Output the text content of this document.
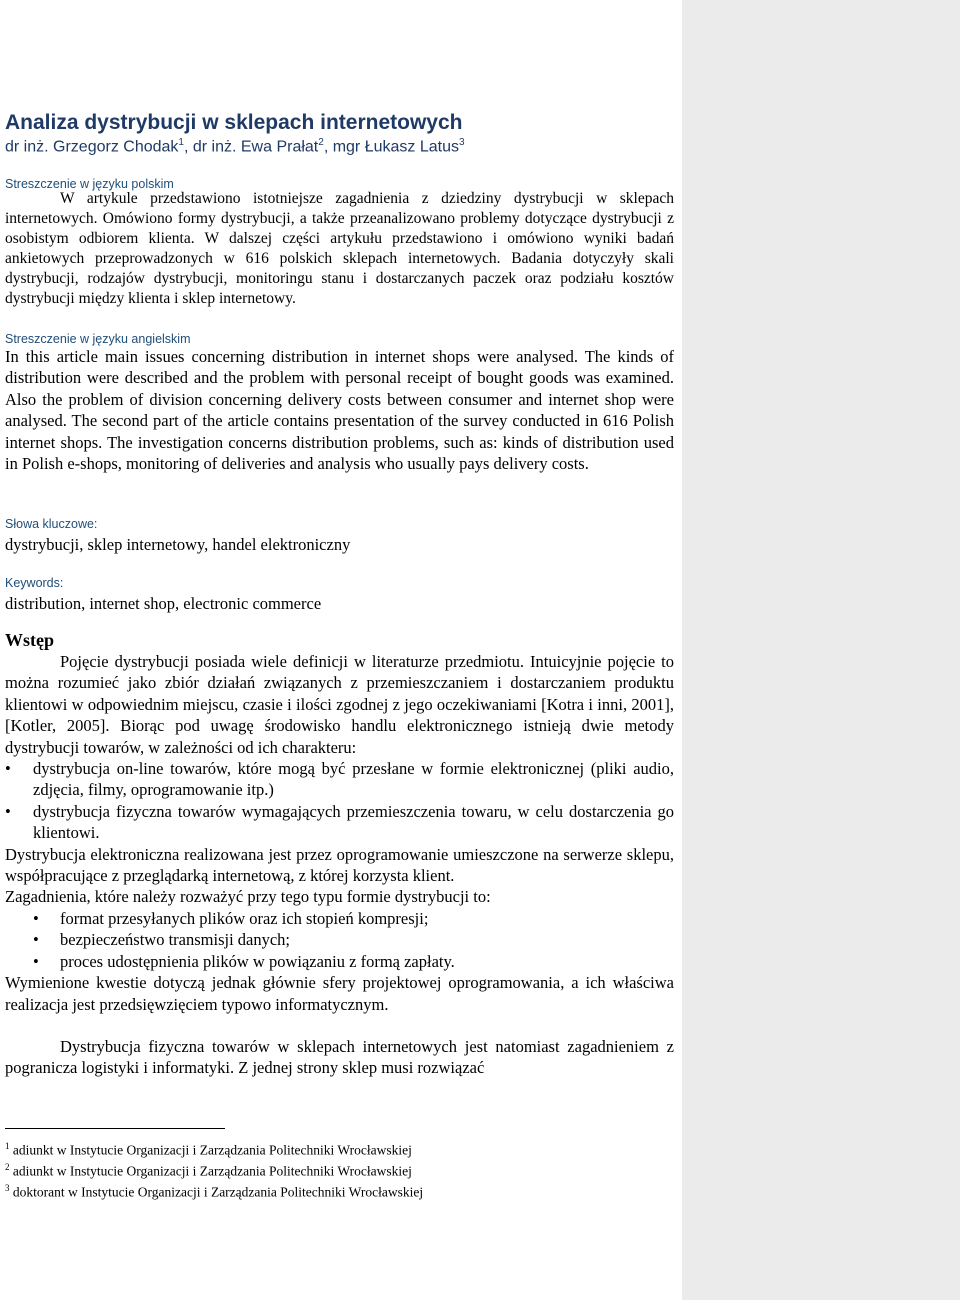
Analiza dystrybucji w sklepach internetowych
dr inż. Grzegorz Chodak$^1$, dr inż. Ewa Prałat$^2$, mgr Łukasz Latus$^3$
Streszczenie w języku polskim
W artykule przedstawiono istotniejsze zagadnienia z dziedziny dystrybucji w sklepach internetowych. Omówiono formy dystrybucji, a także przeanalizowano problemy dotyczące dystrybucji z osobistym odbiorem klienta. W dalszej części artykułu przedstawiono i omówiono wyniki badań ankietowych przeprowadzonych w 616 polskich sklepach internetowych. Badania dotyczyły skali dystrybucji, rodzajów dystrybucji, monitoringu stanu i dostarczanych paczek oraz podziału kosztów dystrybucji między klienta i sklep internetowy.
Streszczenie w języku angielskim
In this article main issues concerning distribution in internet shops were analysed. The kinds of distribution were described and the problem with personal receipt of bought goods was examined. Also the problem of division concerning delivery costs between consumer and internet shop were analysed. The second part of the article contains presentation of the survey conducted in 616 Polish internet shops. The investigation concerns distribution problems, such as: kinds of distribution used in Polish e-shops, monitoring of deliveries and analysis who usually pays delivery costs.
Słowa kluczowe:
dystrybucji, sklep internetowy, handel elektroniczny
Keywords:
distribution, internet shop, electronic commerce
Wstęp

Pojęcie dystrybucji posiada wiele definicji w literaturze przedmiotu. Intuicyjnie pojęcie to można rozumieć jako zbiór działań związanych z przemieszczaniem i dostarczaniem produktu klientowi w odpowiednim miejscu, czasie i ilości zgodnej z jego oczekiwaniami [Kotra i inni, 2001], [Kotler, 2005]. Biorąc pod uwagę środowisko handlu elektronicznego istnieją dwie metody dystrybucji towarów, w zależności od ich charakteru:

• dystrybucja on-line towarów, które mogą być przesłane w formie elektronicznej (pliki audio, zdjęcia, filmy, oprogramowanie itp.)
• dystrybucja fizyczna towarów wymagających przemieszczenia towaru, w celu dostarczenia go klientowi.

Dystrybucja elektroniczna realizowana jest przez oprogramowanie umieszczone na serwerze sklepu, współpracujące z przeglądarką internetową, z której korzysta klient.

Zagadnienia, które należy rozważyć przy tego typu formie dystrybucji to:

• format przesyłanych plików oraz ich stopień kompresji;
• bezpieczeństwo transmisji danych;
• proces udostępnienia plików w powiązaniu z formą zapłaty.

Wymienione kwestie dotyczą jednak głównie sfery projektowej oprogramowania, a ich właściwa realizacja jest przedsięwzięciem typowo informatycznym.

Dystrybucja fizyczna towarów w sklepach internetowych jest natomiast zagadnieniem z pogranicza logistyki i informatyki. Z jednej strony sklep musi rozwiązać

$^1$ adiunkt w Instytucie Organizacji i Zarządzania Politechniki Wrocławskiej
$^2$ adiunkt w Instytucie Organizacji i Zarządzania Politechniki Wrocławskiej
$^3$ doktorant w Instytucie Organizacji i Zarządzania Politechniki Wrocławskiej
